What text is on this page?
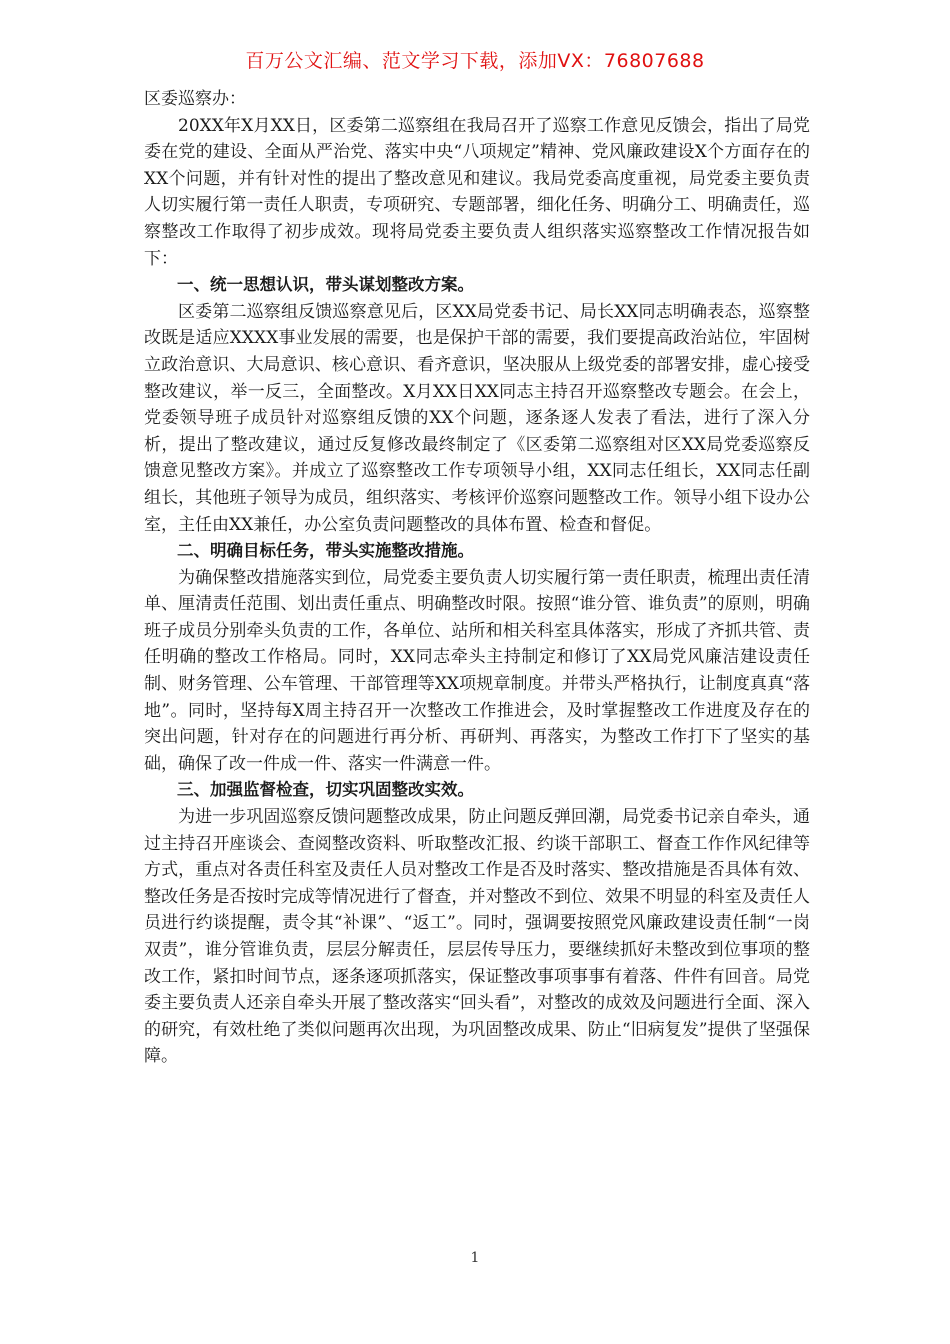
百万公文汇编、范文学习下载，添加VX：76807688

区委巡察办：

20XX年X月XX日，区委第二巡察组在我局召开了巡察工作意见反馈会，指出了局党委在党的建设、全面从严治党、落实中央“八项规定”精神、党风廉政建设X个方面存在的XX个问题，并有针对性的提出了整改意见和建议。我局党委高度重视，局党委主要负责人切实履行第一责任人职责，专项研究、专题部署，细化任务、明确分工、明确责任，巡察整改工作取得了初步成效。现将局党委主要负责人组织落实巡察整改工作情况报告如下：

一、统一思想认识，带头谋划整改方案。

区委第二巡察组反馈巡察意见后，区XX局党委书记、局长XX同志明确表态，巡察整改既是适应XXXX事业发展的需要，也是保护干部的需要，我们要提高政治站位，牢固树立政治意识、大局意识、核心意识、看齐意识，坚决服从上级党委的部署安排，虚心接受整改建议，举一反三，全面整改。X月XX日XX同志主持召开巡察整改专题会。在会上，党委领导班子成员针对巡察组反馈的XX个问题，逐条逐人发表了看法，进行了深入分析，提出了整改建议，通过反复修改最终制定了《区委第二巡察组对区XX局党委巡察反馈意见整改方案》。并成立了巡察整改工作专项领导小组，XX同志任组长，XX同志任副组长，其他班子领导为成员，组织落实、考核评价巡察问题整改工作。领导小组下设办公室，主任由XX兼任，办公室负责问题整改的具体布置、检查和督促。

二、明确目标任务，带头实施整改措施。

为确保整改措施落实到位，局党委主要负责人切实履行第一责任职责，梳理出责任清单、厘清责任范围、划出责任重点、明确整改时限。按照“谁分管、谁负责”的原则，明确班子成员分别牵头负责的工作，各单位、站所和相关科室具体落实，形成了齐抓共管、责任明确的整改工作格局。同时，XX同志牵头主持制定和修订了XX局党风廉洁建设责任制、财务管理、公车管理、干部管理等XX项规章制度。并带头严格执行，让制度真真“落地”。同时，坚持每X周主持召开一次整改工作推进会，及时掌握整改工作进度及存在的突出问题，针对存在的问题进行再分析、再研判、再落实，为整改工作打下了坚实的基础，确保了改一件成一件、落实一件满意一件。

三、加强监督检查，切实巩固整改实效。

为进一步巩固巡察反馈问题整改成果，防止问题反弹回潮，局党委书记亲自牵头，通过主持召开座谈会、查阅整改资料、听取整改汇报、约谈干部职工、督查工作作风纪律等方式，重点对各责任科室及责任人员对整改工作是否及时落实、整改措施是否具体有效、整改任务是否按时完成等情况进行了督查，并对整改不到位、效果不明显的科室及责任人员进行约谈提醒，责令其“补课”、“返工”。同时，强调要按照党风廉政建设责任制“一岗双责”，谁分管谁负责，层层分解责任，层层传导压力，要继续抓好未整改到位事项的整改工作，紧扣时间节点，逐条逐项抓落实，保证整改事项事事有着落、件件有回音。局党委主要负责人还亲自牵头开展了整改落实“回头看”，对整改的成效及问题进行全面、深入的研究，有效杜绝了类似问题再次出现，为巩固整改成果、防止“旧病复发”提供了坚强保障。

1
